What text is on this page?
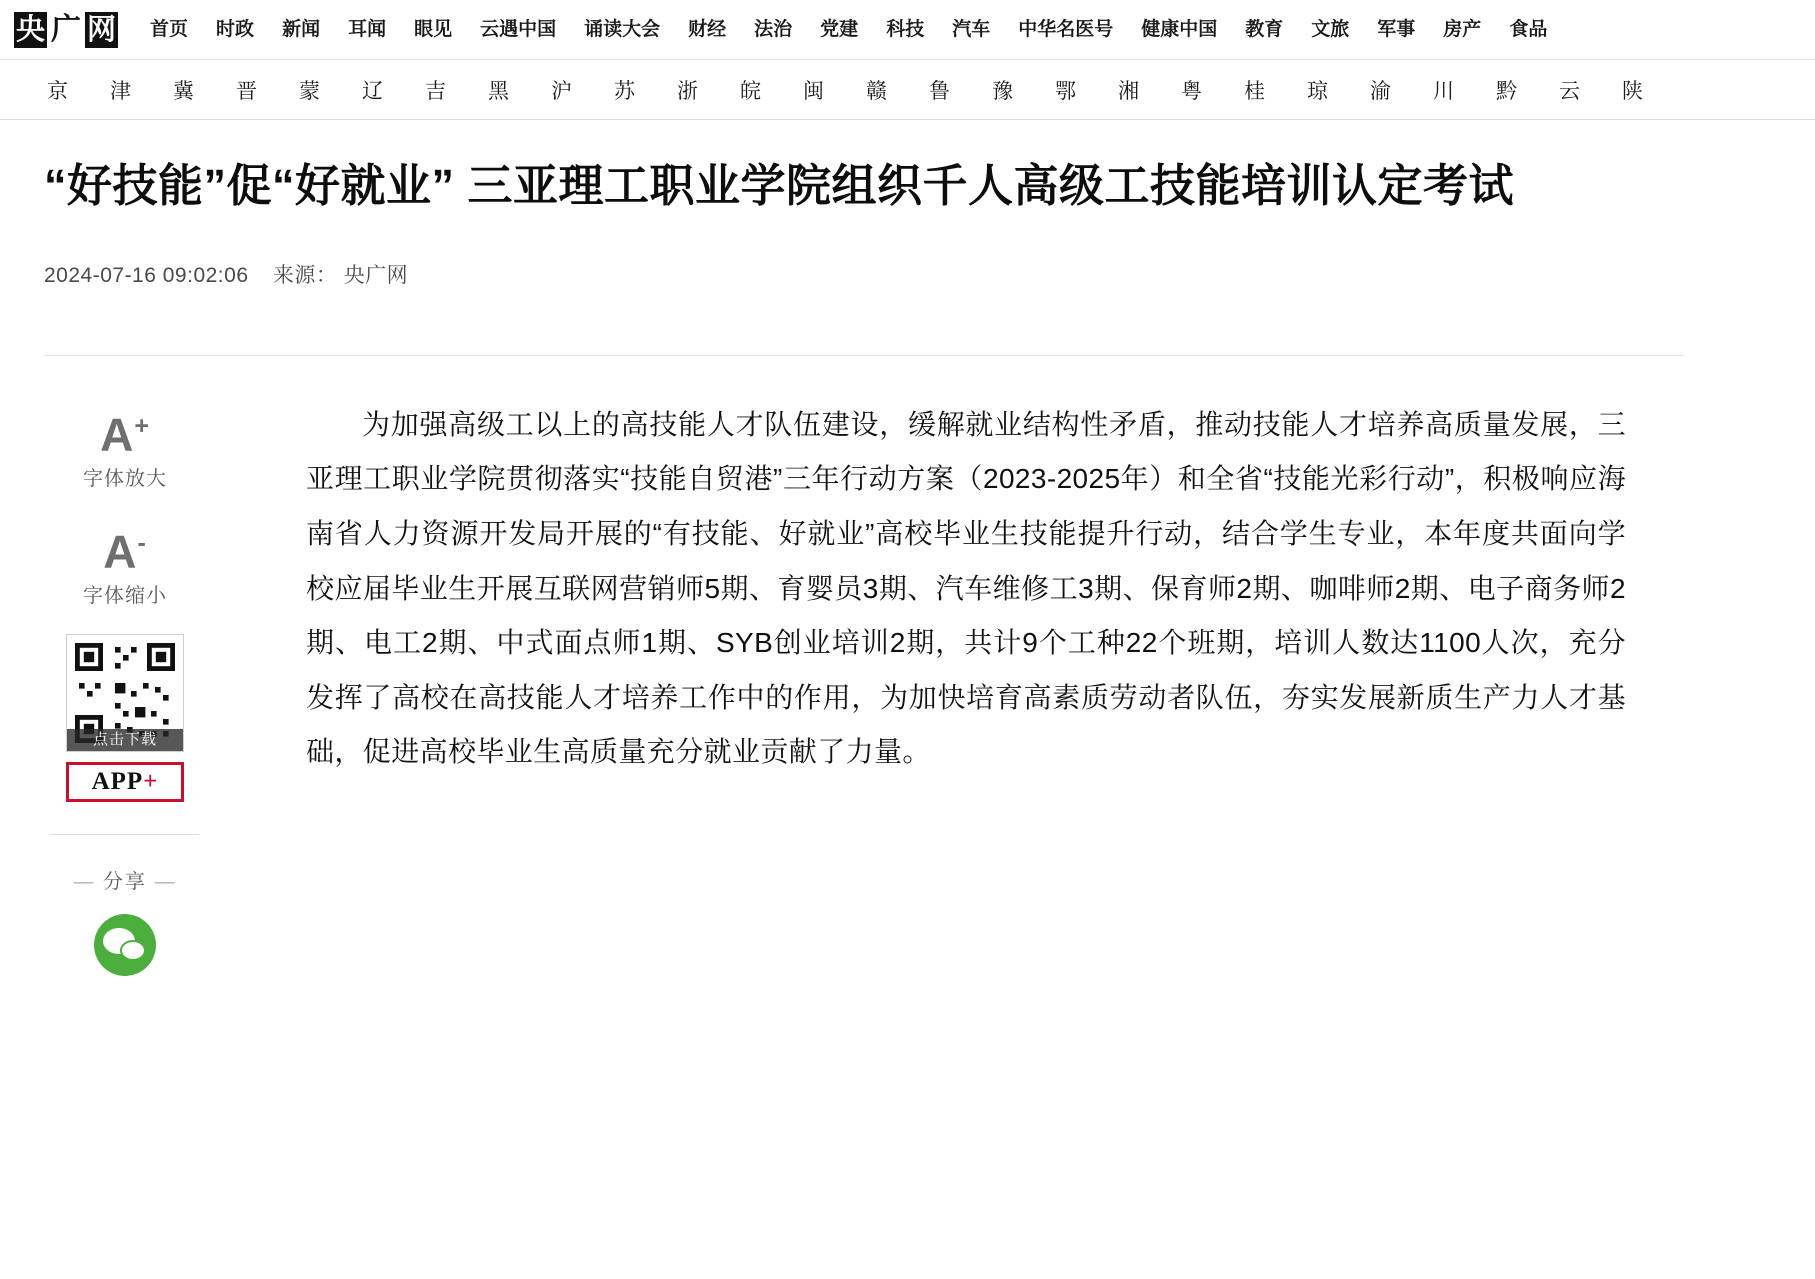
央 广 网	首页	时政	新闻	耳闻	眼见	云遇中国	诵读大会	财经	法治	党建	科技	汽车	中华名医号	健康中国	教育	文旅	军事	房产	食品
京	津	冀	晋	蒙	辽	吉	黑	沪	苏	浙	皖	闽	赣	鲁	豫	鄂	湘	粤	桂	琼	渝	川	黔	云	陕
“好技能”促“好就业” 三亚理工职业学院组织千人高级工技能培训认定考试
2024-07-16 09:02:06 来源： 央广网
A+
字体放大
A-
字体缩小
点击下载
APP+
— 分享 —

为加强高级工以上的高技能人才队伍建设，缓解就业结构性矛盾，推动技能人才培养高质量发展，三亚理工职业学院贯彻落实“技能自贸港”三年行动方案（2023-2025年）和全省“技能光彩行动”，积极响应海南省人力资源开发局开展的“有技能、好就业”高校毕业生技能提升行动，结合学生专业，本年度共面向学校应届毕业生开展互联网营销师5期、育婴员3期、汽车维修工3期、保育师2期、咖啡师2期、电子商务师2期、电工2期、中式面点师1期、SYB创业培训2期，共计9个工种22个班期，培训人数达1100人次，充分发挥了高校在高技能人才培养工作中的作用，为加快培育高素质劳动者队伍，夯实发展新质生产力人才基础，促进高校毕业生高质量充分就业贡献了力量。
